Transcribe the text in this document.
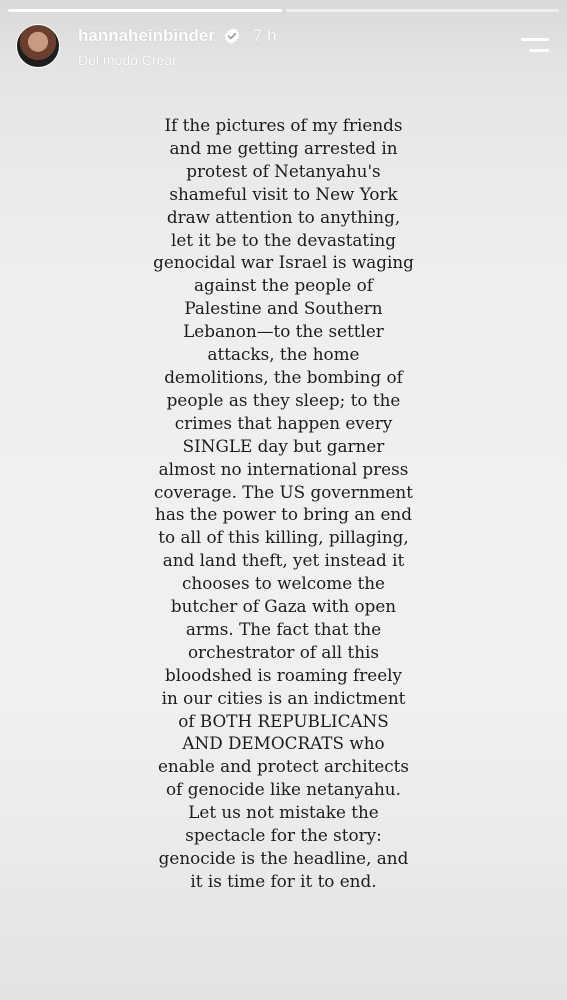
hannaheinbinder 7 h
Del modo Crear
If the pictures of my friends
and me getting arrested in
protest of Netanyahu's
shameful visit to New York
draw attention to anything,
let it be to the devastating
genocidal war Israel is waging
against the people of
Palestine and Southern
Lebanon—to the settler
attacks, the home
demolitions, the bombing of
people as they sleep; to the
crimes that happen every
SINGLE day but garner
almost no international press
coverage. The US government
has the power to bring an end
to all of this killing, pillaging,
and land theft, yet instead it
chooses to welcome the
butcher of Gaza with open
arms. The fact that the
orchestrator of all this
bloodshed is roaming freely
in our cities is an indictment
of BOTH REPUBLICANS
AND DEMOCRATS who
enable and protect architects
of genocide like netanyahu.
Let us not mistake the
spectacle for the story:
genocide is the headline, and
it is time for it to end.
